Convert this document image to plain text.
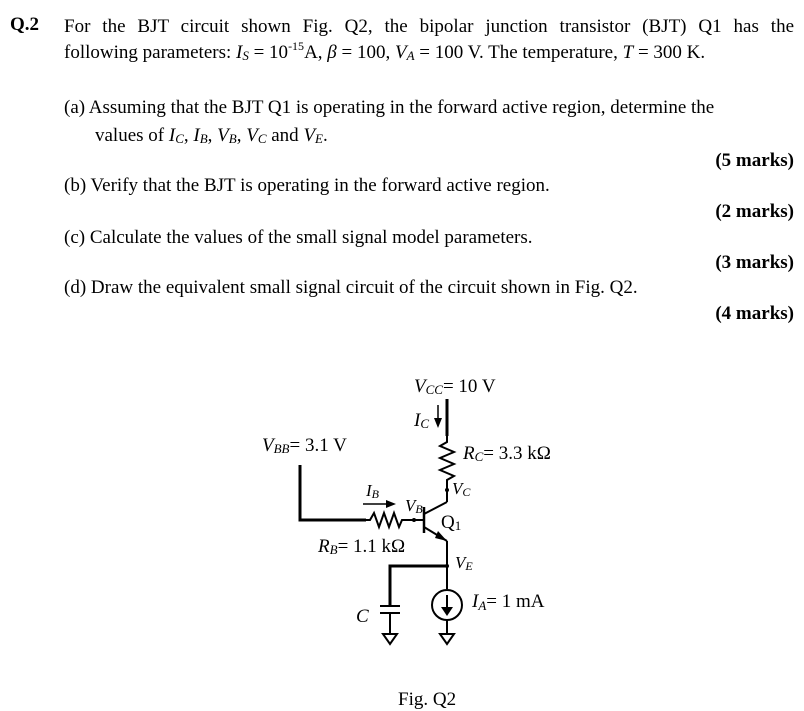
Q.2 For the BJT circuit shown Fig. Q2, the bipolar junction transistor (BJT) Q1 has the
following parameters: $I_S = 10^{-15}A$, β = 100, $V_A = 100$ V. The temperature, T = 300 K.
(a) Assuming that the BJT Q1 is operating in the forward active region, determine the
values of $I_C$, $I_B$, $V_B$, $V_C$ and $V_E$.
(5 marks)
(b) Verify that the BJT is operating in the forward active region.
(2 marks)
(c) Calculate the values of the small signal model parameters.
(3 marks)
(d) Draw the equivalent small signal circuit of the circuit shown in Fig. Q2.
(4 marks)
VCC= 10 V
IC
RC= 3.3 kΩ
VC
VBB= 3.1 V
IB
RB= 1.1 kΩ
VB
Q1
VE
C
IA= 1 mA
Fig. Q2
